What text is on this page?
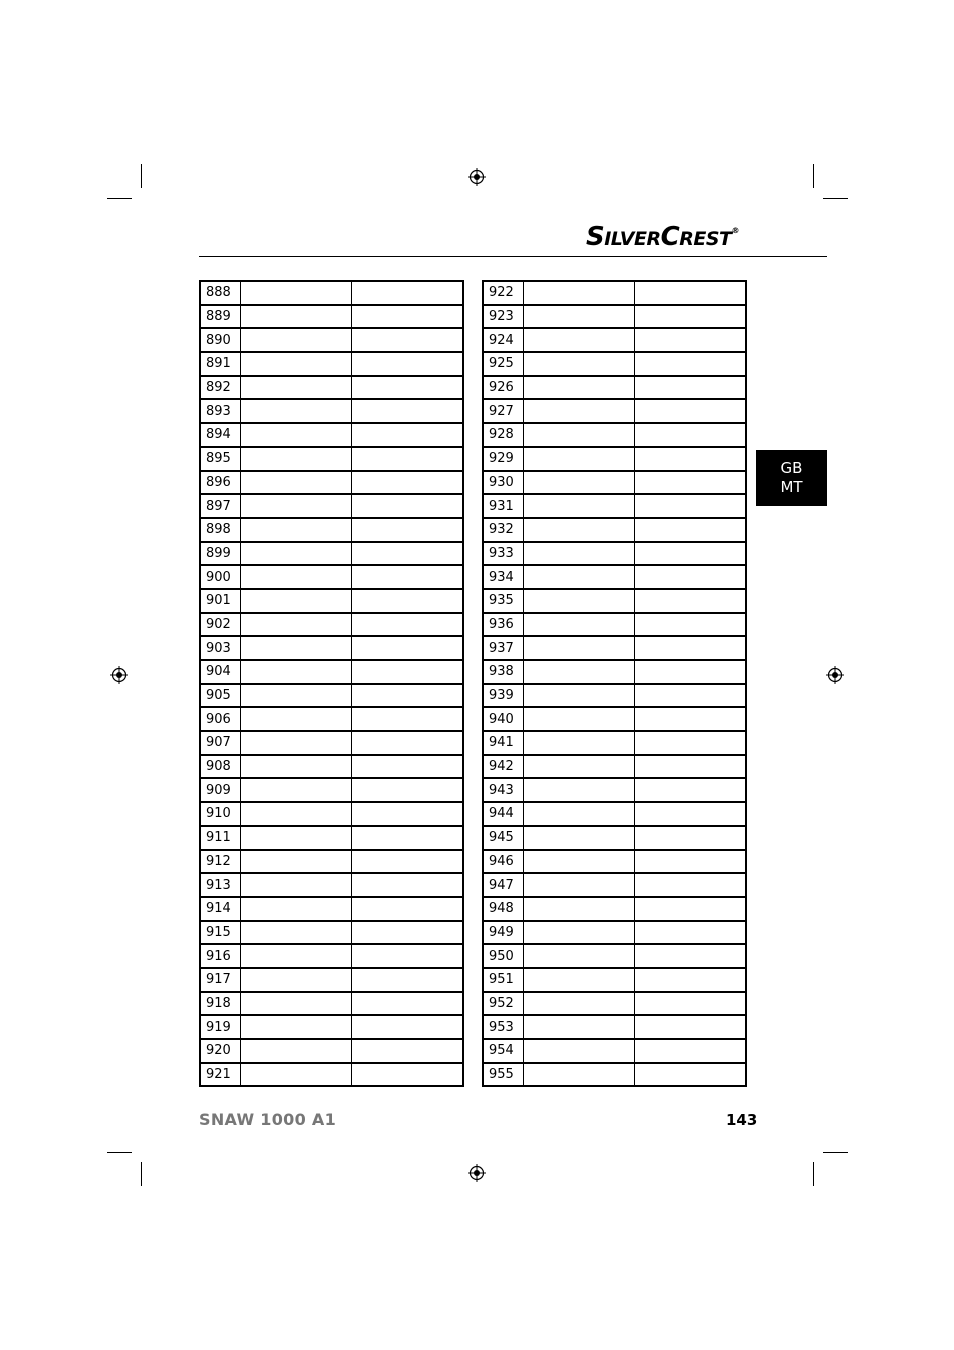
SILVERCREST®
GB
MT
888		
889		
890		
891		
892		
893		
894		
895		
896		
897		
898		
899		
900		
901		
902		
903		
904		
905		
906		
907		
908		
909		
910		
911		
912		
913		
914		
915		
916		
917		
918		
919		
920		
921		
922		
923		
924		
925		
926		
927		
928		
929		
930		
931		
932		
933		
934		
935		
936		
937		
938		
939		
940		
941		
942		
943		
944		
945		
946		
947		
948		
949		
950		
951		
952		
953		
954		
955		
SNAW 1000 A1	143
